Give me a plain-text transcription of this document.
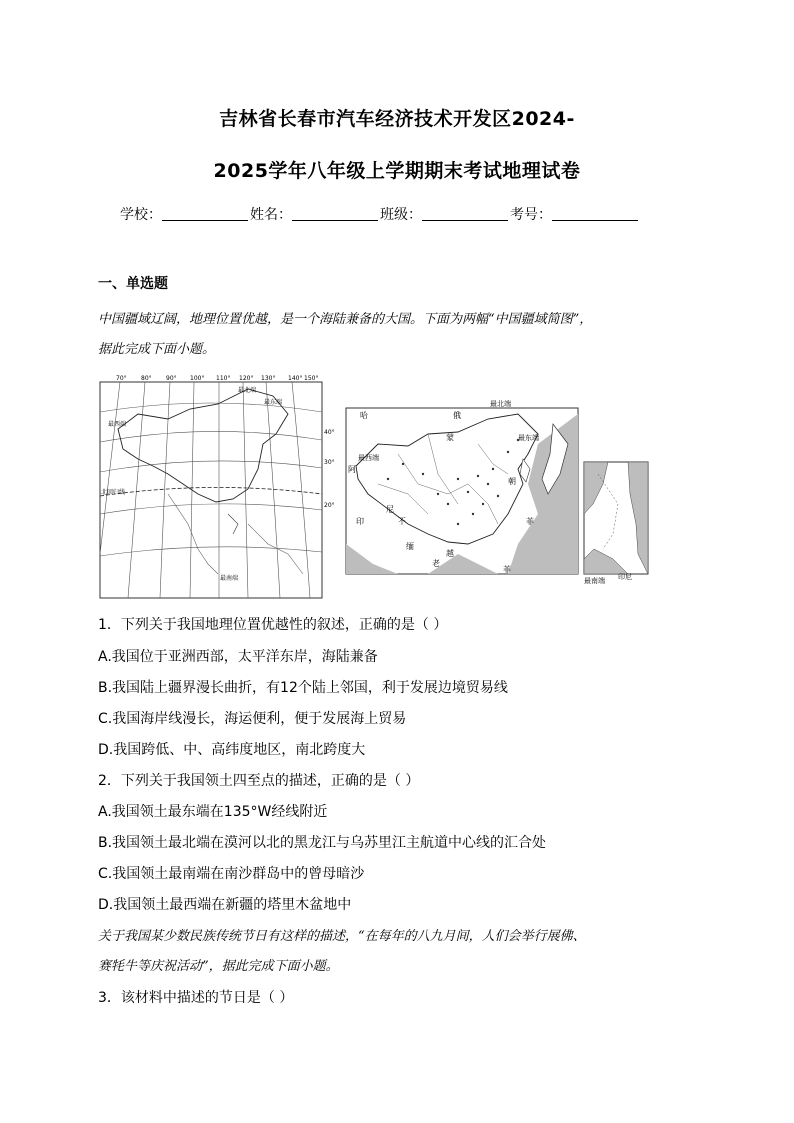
吉林省长春市汽车经济技术开发区2024-
2025学年八年级上学期期末考试地理试卷
学校：	姓名：	班级：	考号：
一、单选题
中国疆域辽阔，地理位置优越，是一个海陆兼备的大国。下面为两幅“中国疆域简图”，
据此完成下面小题。
70° 80° 90° 100° 110° 120° 130° 140° 150°
40°
30°
20°
最北端
最东端
最西端
北回归线
最南端
哈	俄
最北端
蒙	最东端
最西端
阿
印
尼
不
缅
越
老
菲
朝
菲
最南端 印尼
1．下列关于我国地理位置优越性的叙述，正确的是（ ）
A.我国位于亚洲西部，太平洋东岸，海陆兼备
B.我国陆上疆界漫长曲折，有12个陆上邻国，利于发展边境贸易线
C.我国海岸线漫长，海运便利，便于发展海上贸易
D.我国跨低、中、高纬度地区，南北跨度大
2．下列关于我国领土四至点的描述，正确的是（ ）
A.我国领土最东端在135°W经线附近
B.我国领土最北端在漠河以北的黑龙江与乌苏里江主航道中心线的汇合处
C.我国领土最南端在南沙群岛中的曾母暗沙
D.我国领土最西端在新疆的塔里木盆地中
关于我国某少数民族传统节日有这样的描述，“在每年的八九月间，人们会举行展佛、
赛牦牛等庆祝活动”，据此完成下面小题。
3．该材料中描述的节日是（ ）
